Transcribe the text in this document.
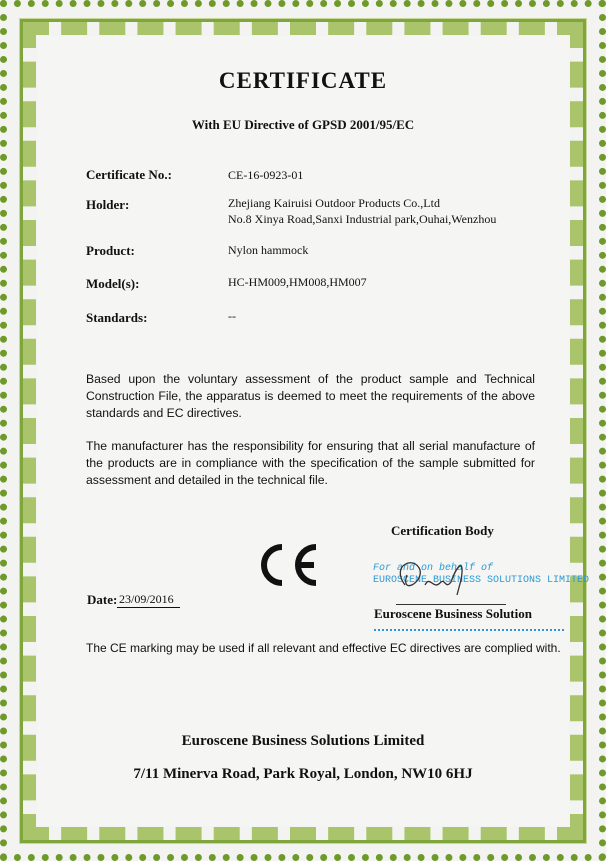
CERTIFICATE
With EU Directive of GPSD 2001/95/EC
Certificate No.:	CE-16-0923-01
Holder:	Zhejiang Kairuisi Outdoor Products Co.,Ltd
No.8 Xinya Road,Sanxi Industrial park,Ouhai,Wenzhou
Product:	Nylon hammock
Model(s):	HC-HM009,HM008,HM007
Standards:	--
Based upon the voluntary assessment of the product sample and Technical Construction File, the apparatus is deemed to meet the requirements of the above standards and EC directives.
The manufacturer has the responsibility for ensuring that all serial manufacture of the products are in compliance with the specification of the sample submitted for assessment and detailed in the technical file.
Certification Body
Date: 23/09/2016
For and on behalf of
EUROSCENE BUSINESS SOLUTIONS LIMITED
Euroscene Business Solution
The CE marking may be used if all relevant and effective EC directives are complied with.
Euroscene Business Solutions Limited
7/11 Minerva Road, Park Royal, London, NW10 6HJ
